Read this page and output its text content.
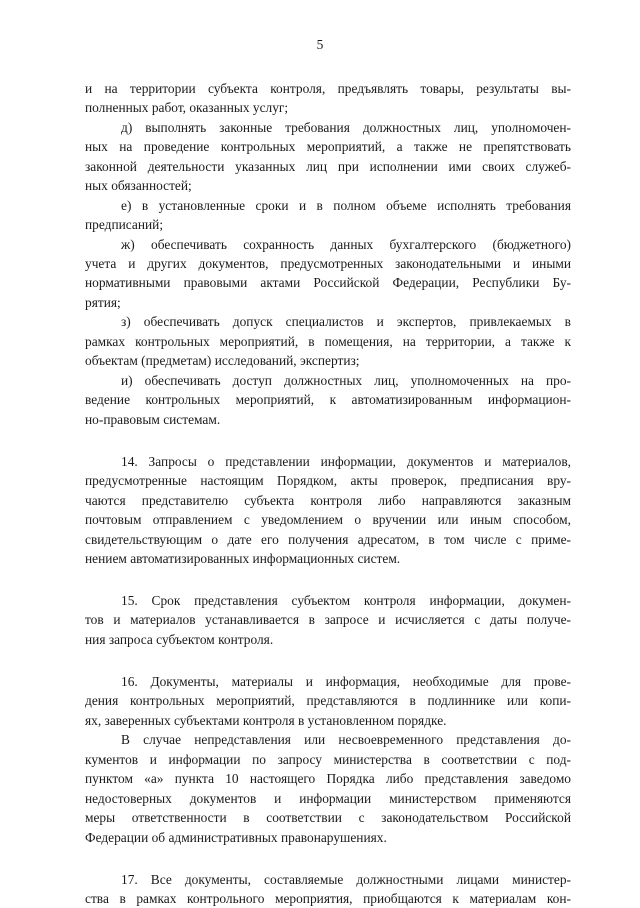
5
и на территории субъекта контроля, предъявлять товары, результаты вы-
полненных работ, оказанных услуг;
д) выполнять законные требования должностных лиц, уполномочен-
ных на проведение контрольных мероприятий, а также не препятствовать
законной деятельности указанных лиц при исполнении ими своих служеб-
ных обязанностей;
е) в установленные сроки и в полном объеме исполнять требования
предписаний;
ж) обеспечивать сохранность данных бухгалтерского (бюджетного)
учета и других документов, предусмотренных законодательными и иными
нормативными правовыми актами Российской Федерации, Республики Бу-
рятия;
з) обеспечивать допуск специалистов и экспертов, привлекаемых в
рамках контрольных мероприятий, в помещения, на территории, а также к
объектам (предметам) исследований, экспертиз;
и) обеспечивать доступ должностных лиц, уполномоченных на про-
ведение контрольных мероприятий, к автоматизированным информацион-
но-правовым системам.
14. Запросы о представлении информации, документов и материалов,
предусмотренные настоящим Порядком, акты проверок, предписания вру-
чаются представителю субъекта контроля либо направляются заказным
почтовым отправлением с уведомлением о вручении или иным способом,
свидетельствующим о дате его получения адресатом, в том числе с приме-
нением автоматизированных информационных систем.
15. Срок представления субъектом контроля информации, докумен-
тов и материалов устанавливается в запросе и исчисляется с даты получе-
ния запроса субъектом контроля.
16. Документы, материалы и информация, необходимые для прове-
дения контрольных мероприятий, представляются в подлиннике или копи-
ях, заверенных субъектами контроля в установленном порядке.
В случае непредставления или несвоевременного представления до-
кументов и информации по запросу министерства в соответствии с под-
пунктом «а» пункта 10 настоящего Порядка либо представления заведомо
недостоверных документов и информации министерством применяются
меры ответственности в соответствии с законодательством Российской
Федерации об административных правонарушениях.
17. Все документы, составляемые должностными лицами министер-
ства в рамках контрольного мероприятия, приобщаются к материалам кон-
